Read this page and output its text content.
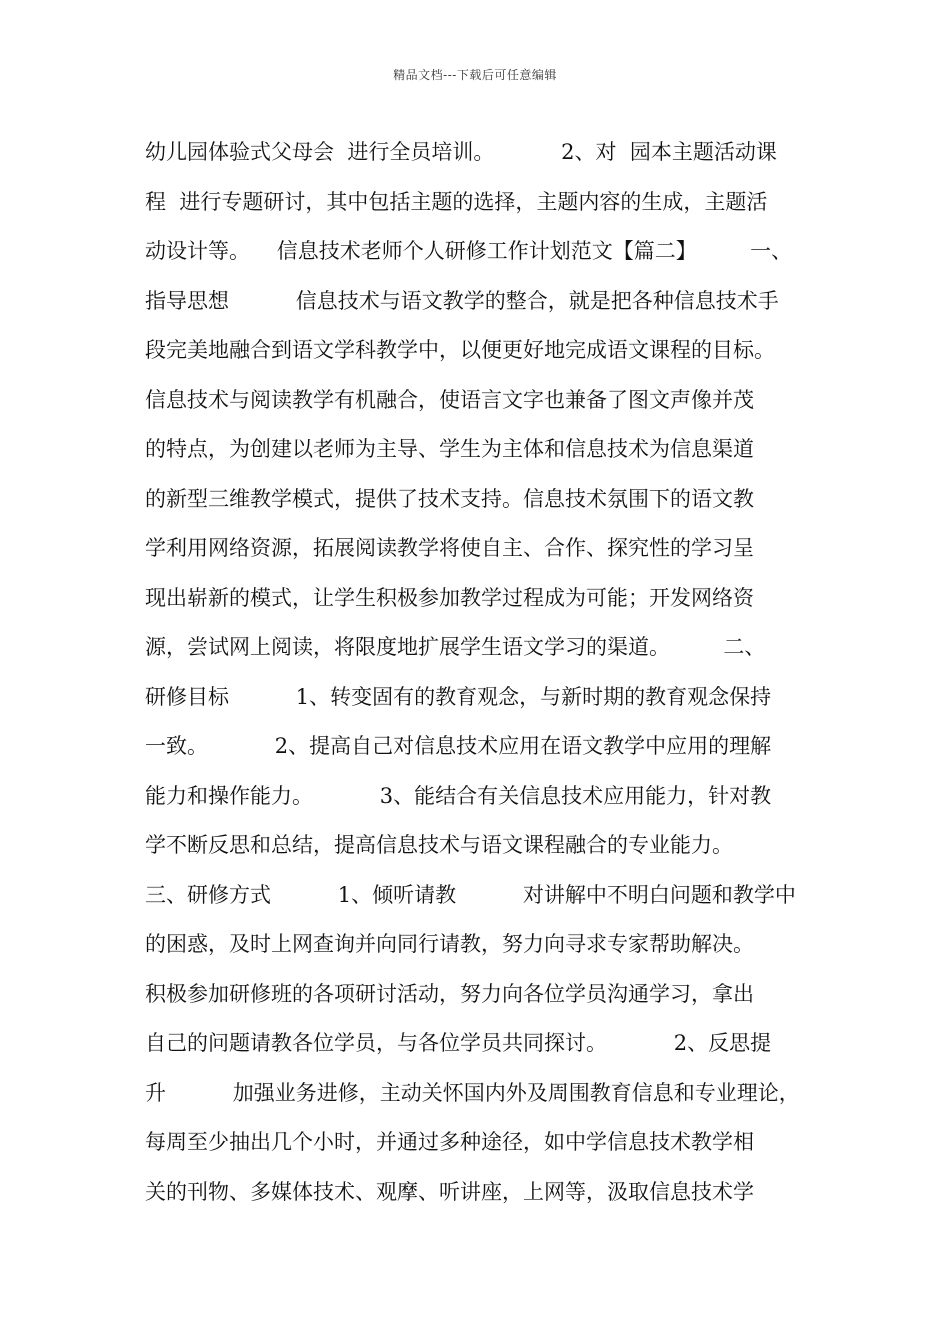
精品文档---下载后可任意编辑
幼儿园体验式父母会  进行全员培训。          2、对  园本主题活动课
程  进行专题研讨，其中包括主题的选择，主题内容的生成，主题活
动设计等。    信息技术老师个人研修工作计划范文【篇二】        一、
指导思想          信息技术与语文教学的整合，就是把各种信息技术手
段完美地融合到语文学科教学中，以便更好地完成语文课程的目标。
信息技术与阅读教学有机融合，使语言文字也兼备了图文声像并茂
的特点，为创建以老师为主导、学生为主体和信息技术为信息渠道
的新型三维教学模式，提供了技术支持。信息技术氛围下的语文教
学利用网络资源，拓展阅读教学将使自主、合作、探究性的学习呈
现出崭新的模式，让学生积极参加教学过程成为可能；开发网络资
源，尝试网上阅读，将限度地扩展学生语文学习的渠道。        二、
研修目标          1、转变固有的教育观念，与新时期的教育观念保持
一致。          2、提高自己对信息技术应用在语文教学中应用的理解
能力和操作能力。          3、能结合有关信息技术应用能力，针对教
学不断反思和总结，提高信息技术与语文课程融合的专业能力。
三、研修方式          1、倾听请教          对讲解中不明白问题和教学中
的困惑，及时上网查询并向同行请教，努力向寻求专家帮助解决。
积极参加研修班的各项研讨活动，努力向各位学员沟通学习，拿出
自己的问题请教各位学员，与各位学员共同探讨。          2、反思提
升          加强业务进修，主动关怀国内外及周围教育信息和专业理论，
每周至少抽出几个小时，并通过多种途径，如中学信息技术教学相
关的刊物、多媒体技术、观摩、听讲座，上网等，汲取信息技术学
